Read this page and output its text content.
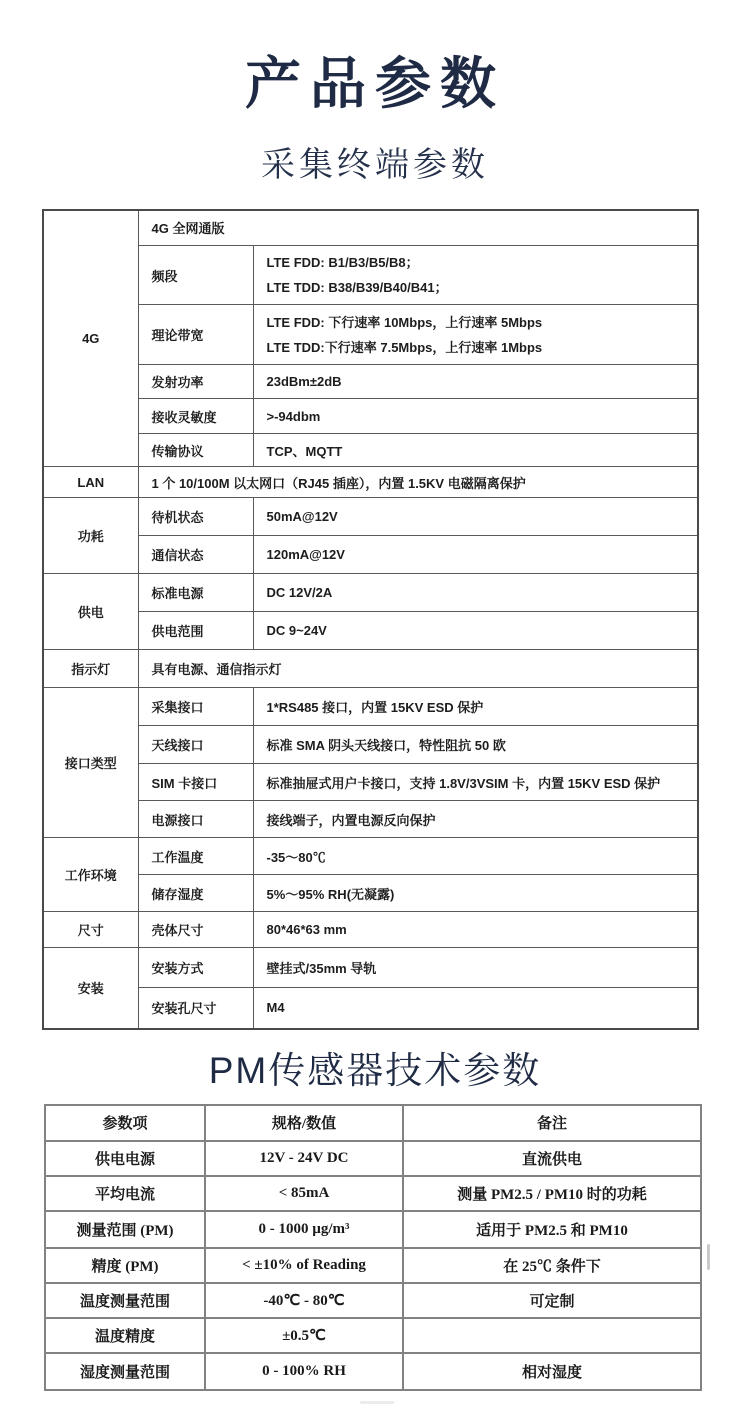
产品参数
采集终端参数
4G	4G 全网通版	
	频段	LTE FDD: B1/B3/B5/B8；
LTE TDD: B38/B39/B40/B41；

	理论带宽	LTE FDD: 下行速率 10Mbps，上行速率 5Mbps
LTE TDD:下行速率 7.5Mbps，上行速率 1Mbps

	发射功率	23dBm±2dB
	接收灵敏度	>-94dbm
	传输协议	TCP、MQTT
LAN	1 个 10/100M 以太网口（RJ45 插座），内置 1.5KV 电磁隔离保护	
功耗	待机状态	50mA@12V
	通信状态	120mA@12V
供电	标准电源	DC 12V/2A
	供电范围	DC 9~24V
指示灯	具有电源、通信指示灯	
接口类型	采集接口	1*RS485 接口，内置 15KV ESD 保护
	天线接口	标准 SMA 阴头天线接口，特性阻抗 50 欧
	SIM 卡接口	标准抽屉式用户卡接口，支持 1.8V/3VSIM 卡，内置 15KV ESD 保护
	电源接口	接线端子，内置电源反向保护
工作环境	工作温度	-35～80℃
	储存湿度	5%～95% RH(无凝露)
尺寸	壳体尺寸	80*46*63 mm
安装	安装方式	壁挂式/35mm 导轨
	安装孔尺寸	M4
PM传感器技术参数
参数项	规格/数值	备注
供电电源	12V - 24V DC	直流供电
平均电流	< 85mA	测量 PM2.5 / PM10 时的功耗
测量范围 (PM)	0 - 1000 µg/m³	适用于 PM2.5 和 PM10
精度 (PM)	< ±10% of Reading	在 25℃ 条件下
温度测量范围	-40℃ - 80℃	可定制
温度精度	±0.5℃	
湿度测量范围	0 - 100% RH	相对湿度
